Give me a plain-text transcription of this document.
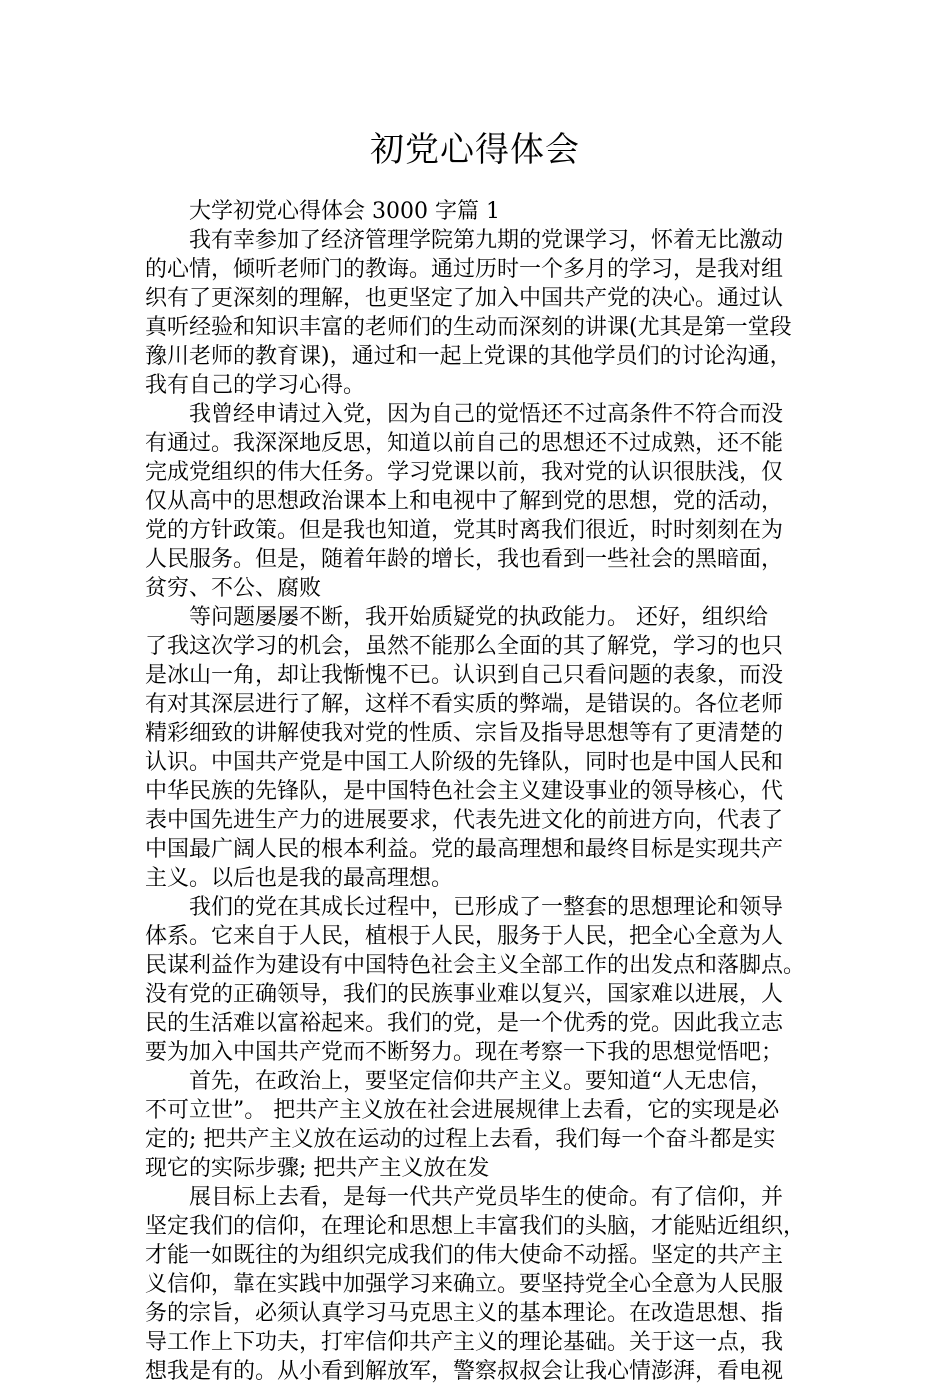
初党心得体会
大学初党心得体会 3000 字篇 1
我有幸参加了经济管理学院第九期的党课学习，怀着无比激动
的心情，倾听老师门的教诲。通过历时一个多月的学习，是我对组
织有了更深刻的理解，也更坚定了加入中国共产党的决心。通过认
真听经验和知识丰富的老师们的生动而深刻的讲课(尤其是第一堂段
豫川老师的教育课)，通过和一起上党课的其他学员们的讨论沟通，
我有自己的学习心得。
我曾经申请过入党，因为自己的觉悟还不过高条件不符合而没
有通过。我深深地反思，知道以前自己的思想还不过成熟，还不能
完成党组织的伟大任务。学习党课以前，我对党的认识很肤浅，仅
仅从高中的思想政治课本上和电视中了解到党的思想，党的活动，
党的方针政策。但是我也知道，党其时离我们很近，时时刻刻在为
人民服务。但是，随着年龄的增长，我也看到一些社会的黑暗面，
贫穷、不公、腐败
等问题屡屡不断，我开始质疑党的执政能力。 还好，组织给
了我这次学习的机会，虽然不能那么全面的其了解党，学习的也只
是冰山一角，却让我惭愧不已。认识到自己只看问题的表象，而没
有对其深层进行了解，这样不看实质的弊端，是错误的。各位老师
精彩细致的讲解使我对党的性质、宗旨及指导思想等有了更清楚的
认识。中国共产党是中国工人阶级的先锋队，同时也是中国人民和
中华民族的先锋队，是中国特色社会主义建设事业的领导核心，代
表中国先进生产力的进展要求，代表先进文化的前进方向，代表了
中国最广阔人民的根本利益。党的最高理想和最终目标是实现共产
主义。以后也是我的最高理想。
我们的党在其成长过程中，已形成了一整套的思想理论和领导
体系。它来自于人民，植根于人民，服务于人民，把全心全意为人
民谋利益作为建设有中国特色社会主义全部工作的出发点和落脚点。
没有党的正确领导，我们的民族事业难以复兴，国家难以进展，人
民的生活难以富裕起来。我们的党，是一个优秀的党。因此我立志
要为加入中国共产党而不断努力。现在考察一下我的思想觉悟吧；
首先，在政治上，要坚定信仰共产主义。要知道“人无忠信，
不可立世”。 把共产主义放在社会进展规律上去看，它的实现是必
定的; 把共产主义放在运动的过程上去看，我们每一个奋斗都是实
现它的实际步骤; 把共产主义放在发
展目标上去看，是每一代共产党员毕生的使命。有了信仰，并
坚定我们的信仰，在理论和思想上丰富我们的头脑，才能贴近组织，
才能一如既往的为组织完成我们的伟大使命不动摇。坚定的共产主
义信仰，靠在实践中加强学习来确立。要坚持党全心全意为人民服
务的宗旨，必须认真学习马克思主义的基本理论。在改造思想、指
导工作上下功夫，打牢信仰共产主义的理论基础。关于这一点，我
想我是有的。从小看到解放军，警察叔叔会让我心情澎湃，看电视
